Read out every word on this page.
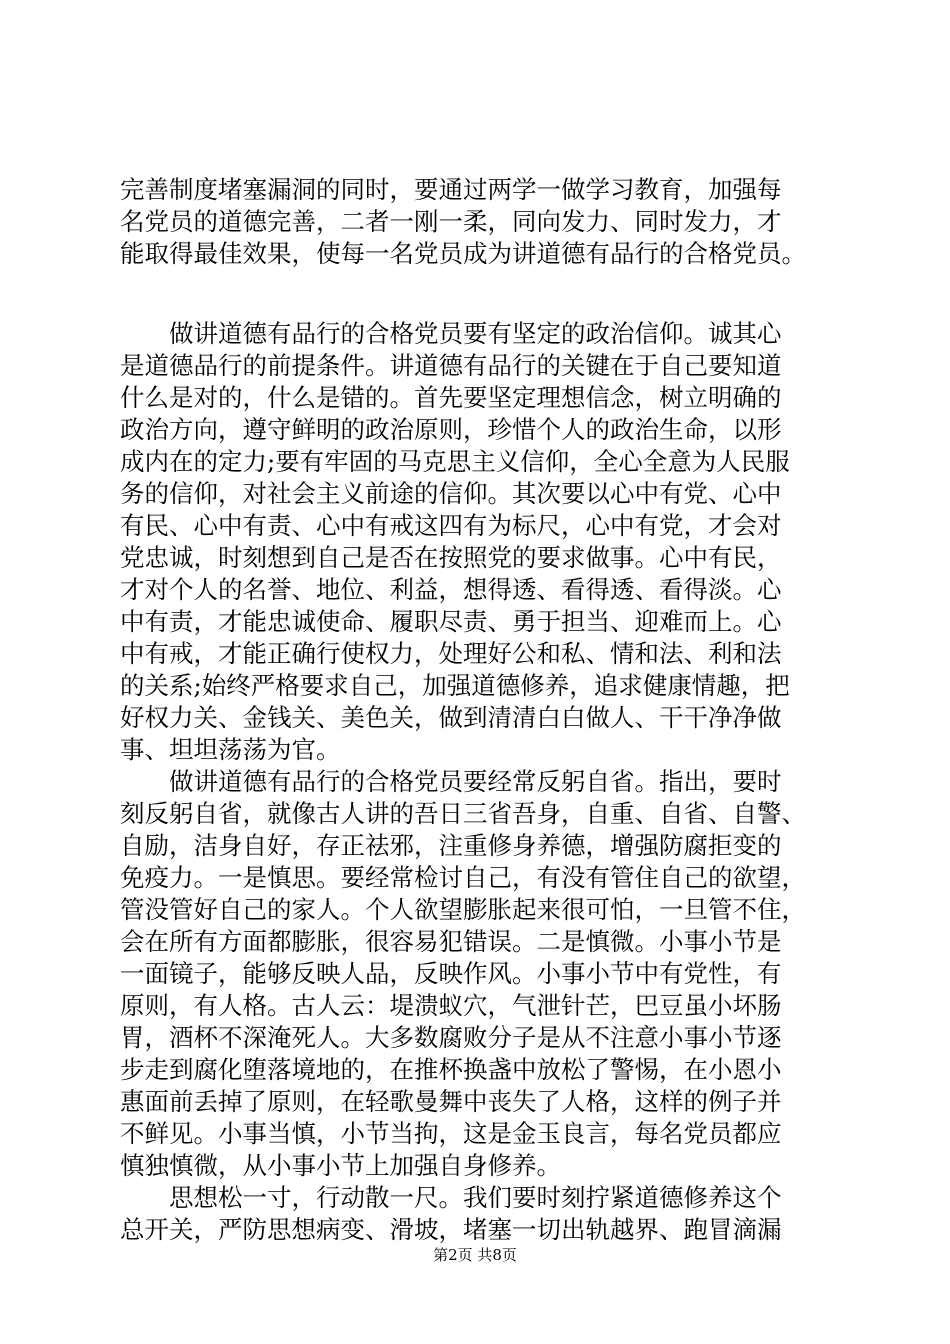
完善制度堵塞漏洞的同时，要通过两学一做学习教育，加强每
名党员的道德完善，二者一刚一柔，同向发力、同时发力，才
能取得最佳效果，使每一名党员成为讲道德有品行的合格党员。
　　做讲道德有品行的合格党员要有坚定的政治信仰。诚其心
是道德品行的前提条件。讲道德有品行的关键在于自己要知道
什么是对的，什么是错的。首先要坚定理想信念，树立明确的
政治方向，遵守鲜明的政治原则，珍惜个人的政治生命，以形
成内在的定力;要有牢固的马克思主义信仰，全心全意为人民服
务的信仰，对社会主义前途的信仰。其次要以心中有党、心中
有民、心中有责、心中有戒这四有为标尺，心中有党，才会对
党忠诚，时刻想到自己是否在按照党的要求做事。心中有民，
才对个人的名誉、地位、利益，想得透、看得透、看得淡。心
中有责，才能忠诚使命、履职尽责、勇于担当、迎难而上。心
中有戒，才能正确行使权力，处理好公和私、情和法、利和法
的关系;始终严格要求自己，加强道德修养，追求健康情趣，把
好权力关、金钱关、美色关，做到清清白白做人、干干净净做
事、坦坦荡荡为官。
　　做讲道德有品行的合格党员要经常反躬自省。指出，要时
刻反躬自省，就像古人讲的吾日三省吾身，自重、自省、自警、
自励，洁身自好，存正祛邪，注重修身养德，增强防腐拒变的
免疫力。一是慎思。要经常检讨自己，有没有管住自己的欲望，
管没管好自己的家人。个人欲望膨胀起来很可怕，一旦管不住，
会在所有方面都膨胀，很容易犯错误。二是慎微。小事小节是
一面镜子，能够反映人品，反映作风。小事小节中有党性，有
原则，有人格。古人云：堤溃蚁穴，气泄针芒，巴豆虽小坏肠
胃，酒杯不深淹死人。大多数腐败分子是从不注意小事小节逐
步走到腐化堕落境地的，在推杯换盏中放松了警惕，在小恩小
惠面前丢掉了原则，在轻歌曼舞中丧失了人格，这样的例子并
不鲜见。小事当慎，小节当拘，这是金玉良言，每名党员都应
慎独慎微，从小事小节上加强自身修养。
　　思想松一寸，行动散一尺。我们要时刻拧紧道德修养这个
总开关，严防思想病变、滑坡，堵塞一切出轨越界、跑冒滴漏
第2页 共8页
